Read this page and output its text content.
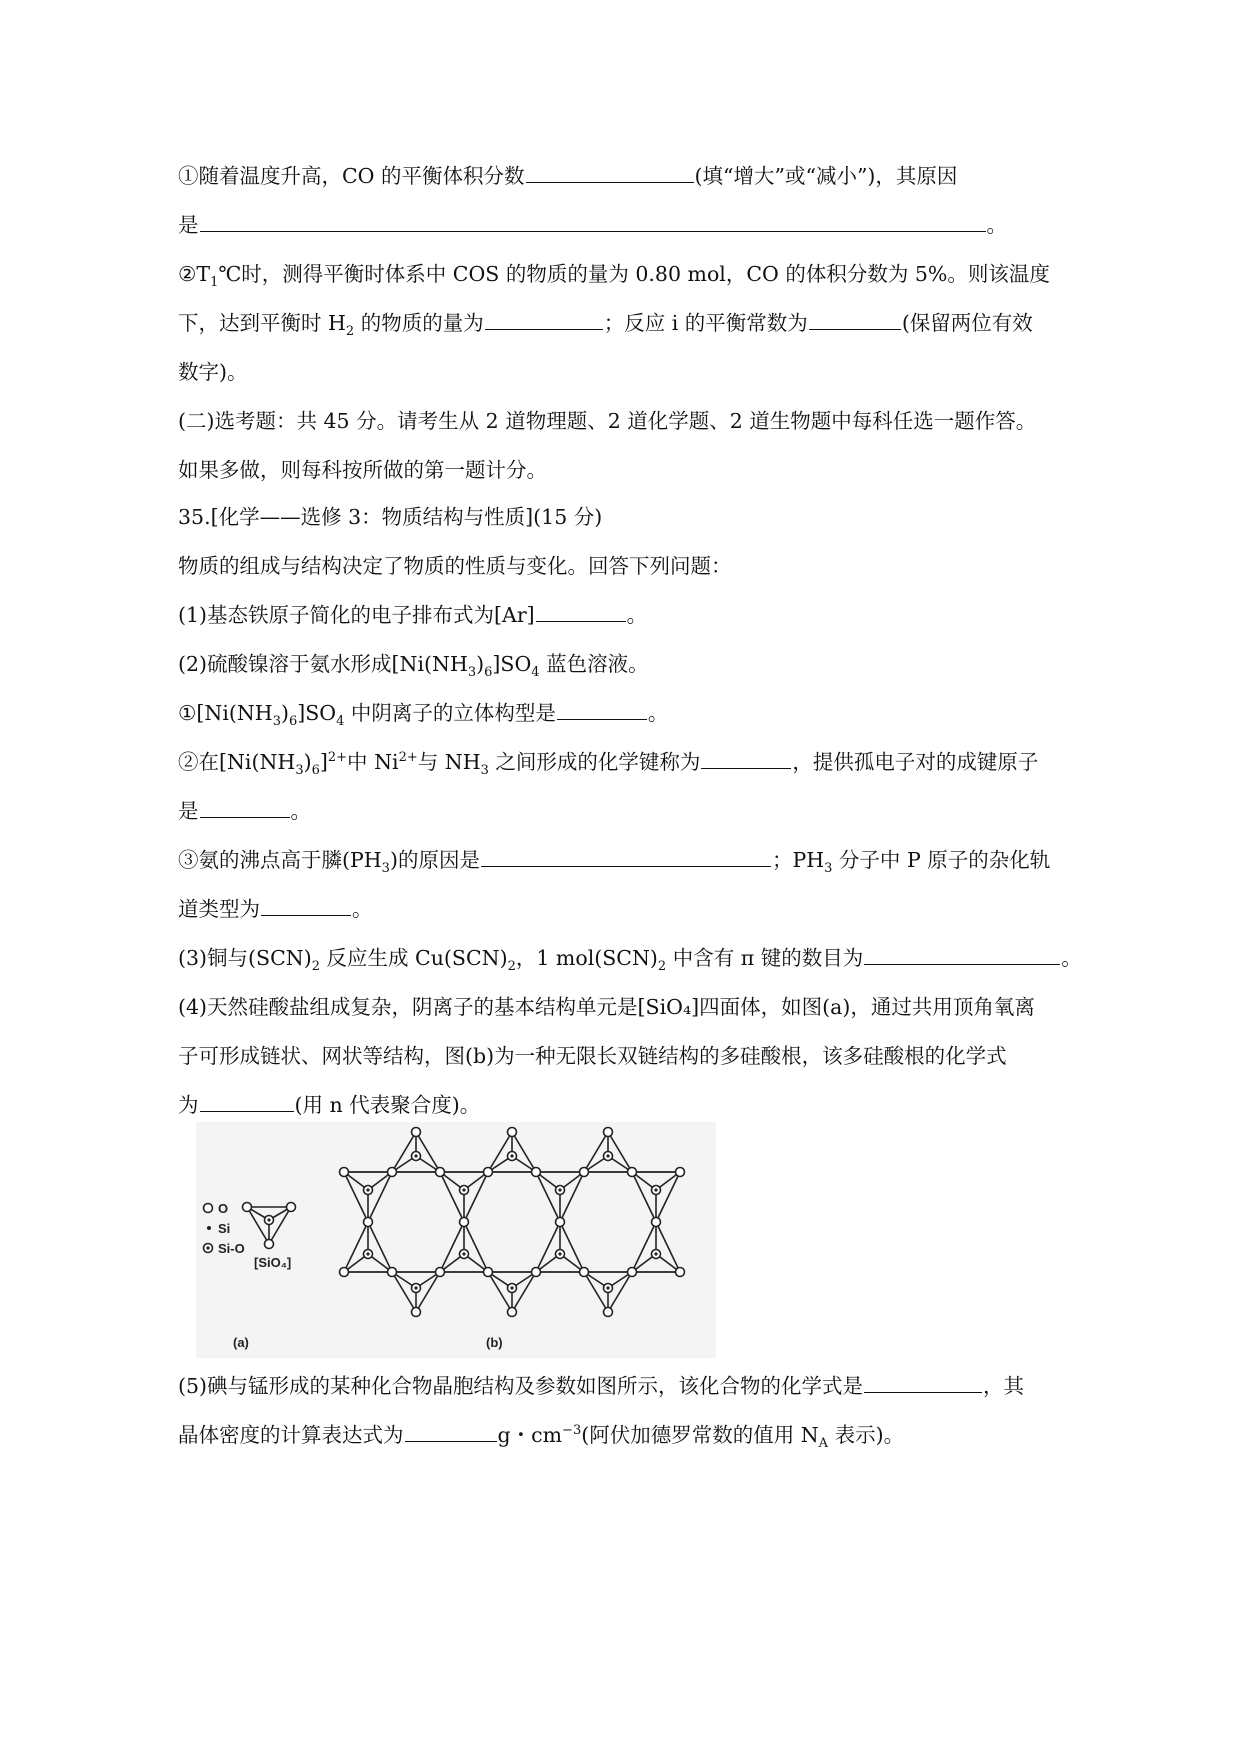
①随着温度升高，CO 的平衡体积分数	(填“增大”或“减小”)，其原因
是	。
$②T_1℃$时，测得平衡时体系中 COS 的物质的量为 0.80 mol，CO 的体积分数为 5%。则该温度
下，达到平衡时 $H_2$ 的物质的量为	；反应 i 的平衡常数为	(保留两位有效
数字)。
(二)选考题：共 45 分。请考生从 2 道物理题、2 道化学题、2 道生物题中每科任选一题作答。
如果多做，则每科按所做的第一题计分。
35.[化学——选修 3：物质结构与性质](15 分)
物质的组成与结构决定了物质的性质与变化。回答下列问题：
(1)基态铁原子简化的电子排布式为[Ar]	。
(2)硫酸镍溶于氨水形成$[Ni(NH_3)_6]SO_4$ 蓝色溶液。
$①[Ni(NH_3)_6]SO_4$ 中阴离子的立体构型是	。
②在$[Ni(NH_3)_6]^{2+}$中 $Ni^{2+}$与 $NH_3$ 之间形成的化学键称为	，提供孤电子对的成键原子
是	。
③氨的沸点高于膦$(PH_3)$的原因是	；$PH_3$ 分子中 P 原子的杂化轨
道类型为	。
(3)铜与$(SCN)_2$ 反应生成 $Cu(SCN)_2$，1 $mol(SCN)_2$ 中含有 π 键的数目为	。
(4)天然硅酸盐组成复杂，阴离子的基本结构单元是[SiO₄]四面体，如图(a)，通过共用顶角氧离
子可形成链状、网状等结构，图(b)为一种无限长双链结构的多硅酸根，该多硅酸根的化学式
为	(用 n 代表聚合度)。
O
Si
Si-O
[SiO₄]
(a)	(b)
(5)碘与锰形成的某种化合物晶胞结构及参数如图所示，该化合物的化学式是	，其
晶体密度的计算表达式为	g・$cm^{-3}$(阿伏加德罗常数的值用 $N_A$ 表示)。
